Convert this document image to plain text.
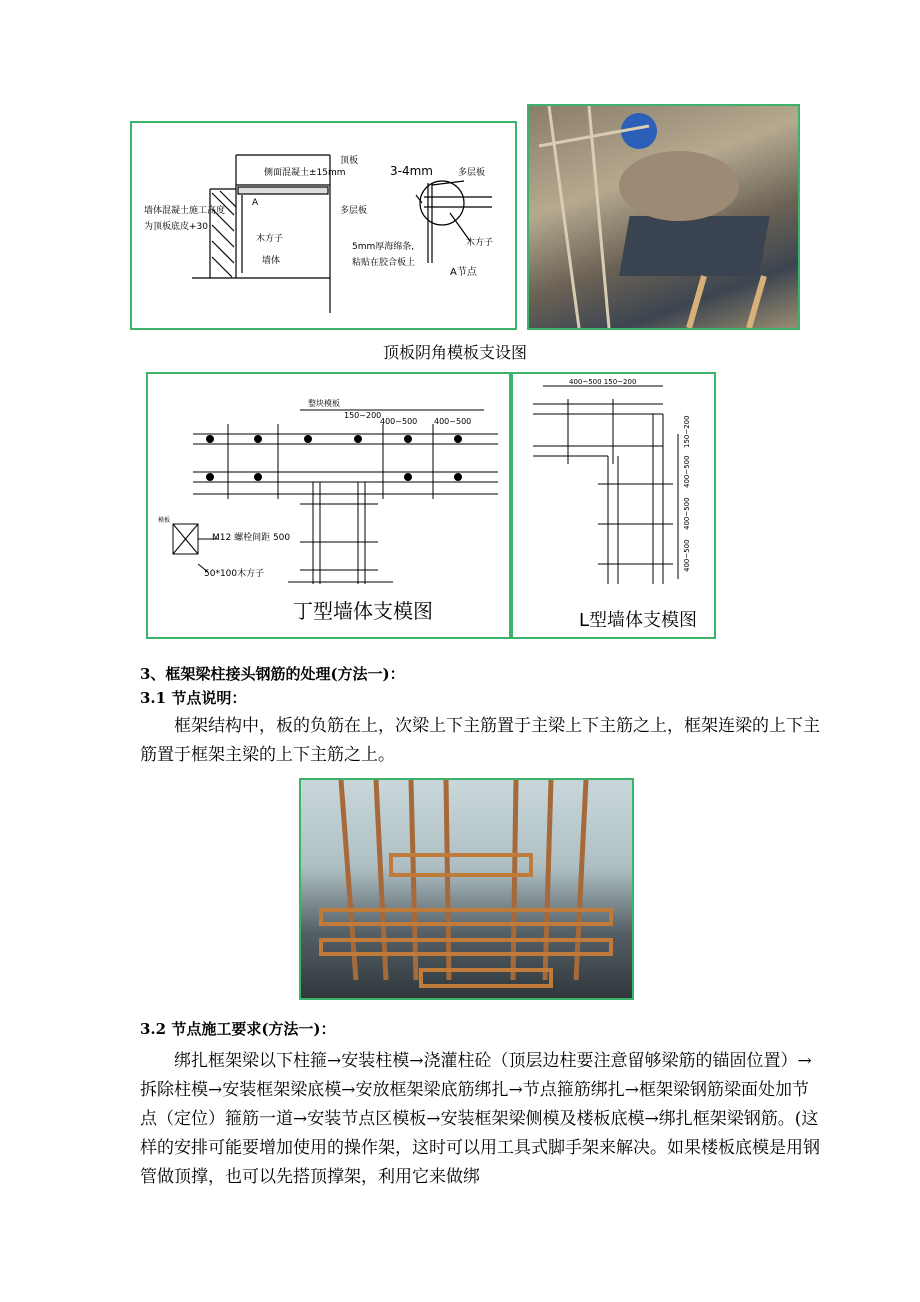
侧面混凝土±15mm
顶板
多层板
墙体混凝土施工高度
为顶板底皮+30
A
木方子
墙体
3-4mm	多层板
木方子
5mm厚海绵条,
粘贴在胶合板上
A节点
顶板阴角模板支设图
整块模板
150~200
400~500 400~500
模板
M12 螺栓间距 500
50*100木方子
丁型墙体支模图
400~500 150~200
150~200
400~500
400~500
400~500
L型墙体支模图
3、框架梁柱接头钢筋的处理(方法一)：
3.1 节点说明：
框架结构中，板的负筋在上，次梁上下主筋置于主梁上下主筋之上，框架连梁的上下主筋置于框架主梁的上下主筋之上。
3.2 节点施工要求(方法一)：
绑扎框架梁以下柱箍→安装柱模→浇灌柱砼（顶层边柱要注意留够梁筋的锚固位置）→拆除柱模→安装框架梁底模→安放框架梁底筋绑扎→节点箍筋绑扎→框架梁钢筋梁面处加节点（定位）箍筋一道→安装节点区模板→安装框架梁侧模及楼板底模→绑扎框架梁钢筋。(这样的安排可能要增加使用的操作架，这时可以用工具式脚手架来解决。如果楼板底模是用钢管做顶撑，也可以先搭顶撑架，利用它来做绑
